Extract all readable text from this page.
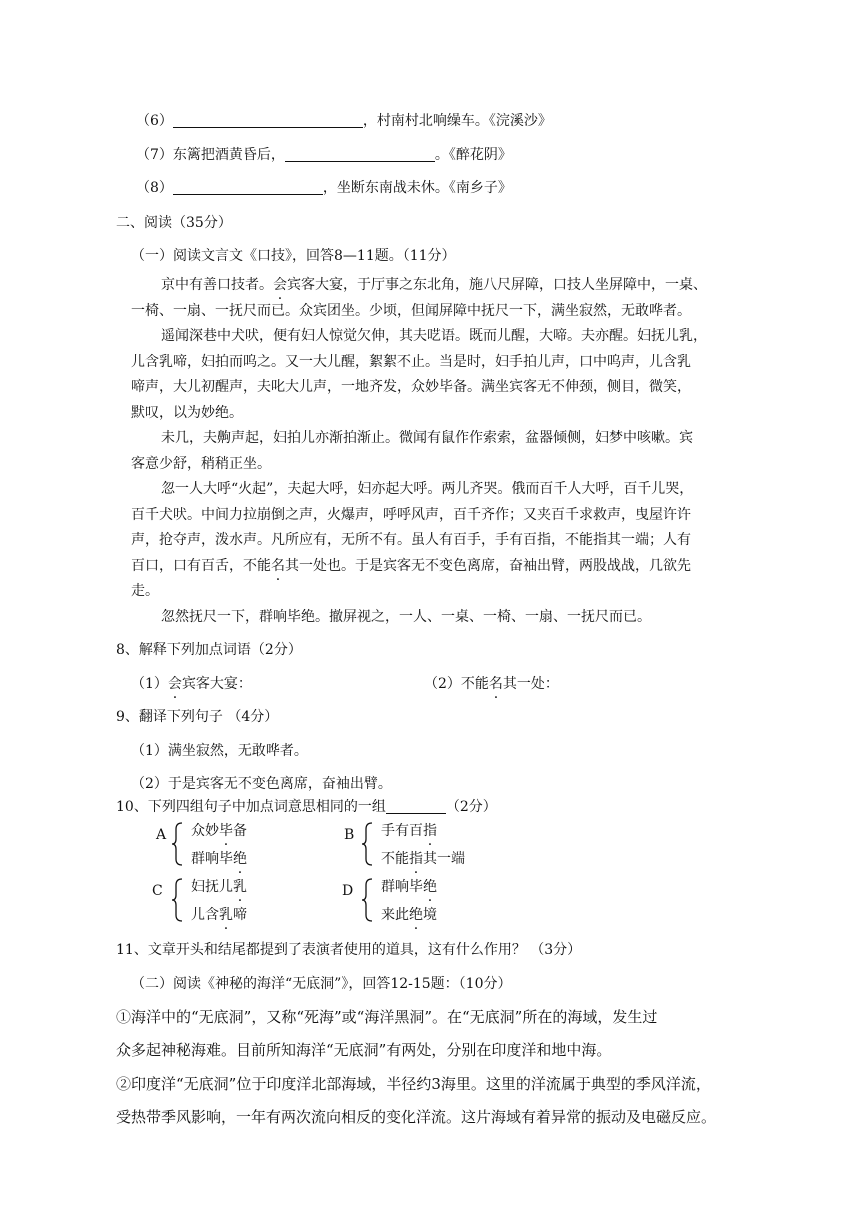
（6）	，村南村北响缲车。《浣溪沙》
（7）东篱把酒黄昏后，	。《醉花阴》
（8）	，坐断东南战未休。《南乡子》
二、阅读（35分）
（一）阅读文言文《口技》，回答8—11题。（11分）
京中有善口技者。会宾客大宴，于厅事之东北角，施八尺屏障，口技人坐屏障中，一桌、
一椅、一扇、一抚尺而已。众宾团坐。少顷，但闻屏障中抚尺一下，满坐寂然，无敢哗者。
遥闻深巷中犬吠，便有妇人惊觉欠伸，其夫呓语。既而儿醒，大啼。夫亦醒。妇抚儿乳，
儿含乳啼，妇拍而呜之。又一大儿醒，絮絮不止。当是时，妇手拍儿声，口中呜声，儿含乳
啼声，大儿初醒声，夫叱大儿声，一地齐发，众妙毕备。满坐宾客无不伸颈，侧目，微笑，
默叹，以为妙绝。
未几，夫齁声起，妇拍儿亦渐拍渐止。微闻有鼠作作索索，盆器倾侧，妇梦中咳嗽。宾
客意少舒，稍稍正坐。
忽一人大呼“火起”，夫起大呼，妇亦起大呼。两儿齐哭。俄而百千人大呼，百千儿哭，
百千犬吠。中间力拉崩倒之声，火爆声，呼呼风声，百千齐作；又夹百千求救声，曳屋许许
声，抢夺声，泼水声。凡所应有，无所不有。虽人有百手，手有百指，不能指其一端；人有
百口，口有百舌，不能名其一处也。于是宾客无不变色离席，奋袖出臂，两股战战，几欲先
走。
忽然抚尺一下，群响毕绝。撤屏视之，一人、一桌、一椅、一扇、一抚尺而已。
8、解释下列加点词语（2分）
（1）会宾客大宴：	（2）不能名其一处：
9、翻译下列句子 （4分）
（1）满坐寂然，无敢哗者。
（2）于是宾客无不变色离席，奋袖出臂。
10、下列四组句子中加点词意思相同的一组	（2分）
A 众妙毕备
群响毕绝
B 手有百指
不能指其一端
C 妇抚儿乳
儿含乳啼
D 群响毕绝
来此绝境
11、文章开头和结尾都提到了表演者使用的道具，这有什么作用？ （3分）
（二）阅读《神秘的海洋“无底洞”》，回答12-15题：（10分）
①海洋中的“无底洞”，又称“死海”或“海洋黑洞”。在“无底洞”所在的海域，发生过
众多起神秘海难。目前所知海洋“无底洞”有两处，分别在印度洋和地中海。
②印度洋“无底洞”位于印度洋北部海域，半径约3海里。这里的洋流属于典型的季风洋流，
受热带季风影响，一年有两次流向相反的变化洋流。这片海域有着异常的振动及电磁反应。
